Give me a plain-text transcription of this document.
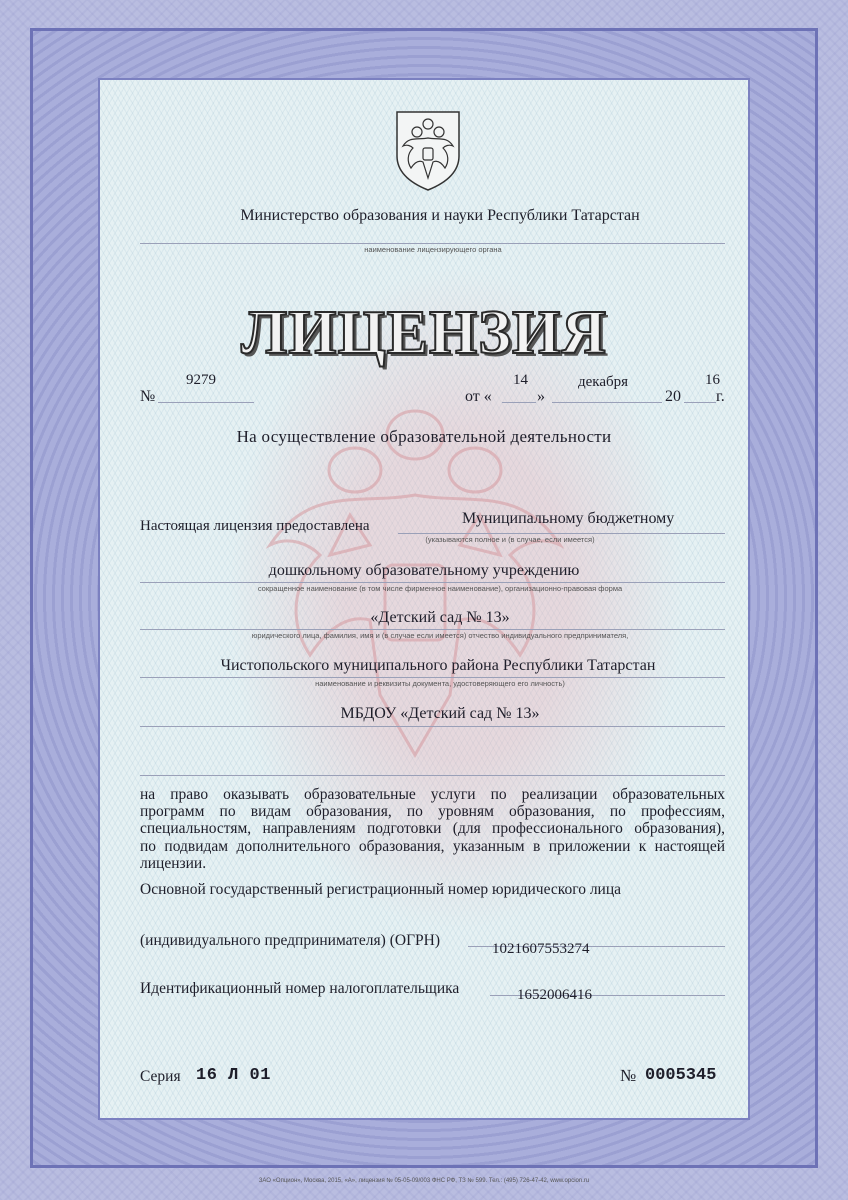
Министерство образования и науки Республики Татарстан
наименование лицензирующего органа
ЛИЦЕНЗИЯ
№
9279
от «
14
»
декабря
20
16
г.
На осуществление образовательной деятельности
Настоящая лицензия предоставлена	Муниципальному бюджетному
(указываются полное и (в случае, если имеется)
дошкольному образовательному учреждению
сокращенное наименование (в том числе фирменное наименование), организационно-правовая форма
«Детский сад № 13»
юридического лица, фамилия, имя и (в случае если имеется) отчество индивидуального предпринимателя,
Чистопольского муниципального района Республики Татарстан
наименование и реквизиты документа, удостоверяющего его личность)
МБДОУ «Детский сад № 13»
на право оказывать образовательные услуги по реализации образовательных программ по видам образования, по уровням образования, по профессиям, специальностям, направлениям подготовки (для профессионального образования), по подвидам дополнительного образования, указанным в приложении к настоящей лицензии.
Основной государственный регистрационный номер юридического лица
(индивидуального предпринимателя) (ОГРН)	1021607553274
Идентификационный номер налогоплательщика	1652006416
Серия 16 Л 01	№ 0005345
ЗАО «Опцион», Москва, 2015, «А», лицензия № 05-05-09/003 ФНС РФ, ТЗ № 599. Тел.: (495) 726-47-42, www.opcion.ru
